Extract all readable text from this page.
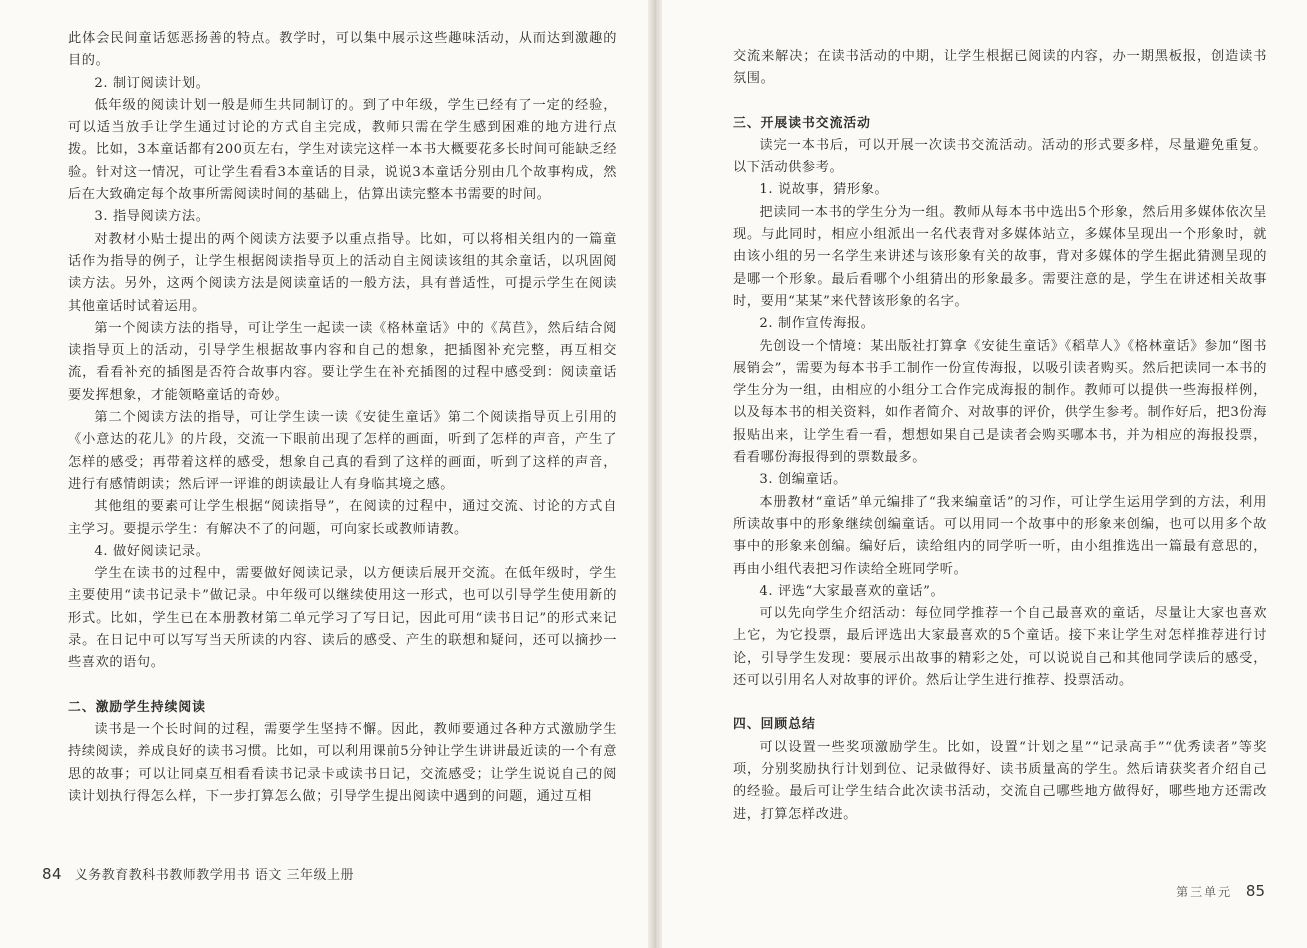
此体会民间童话惩恶扬善的特点。教学时，可以集中展示这些趣味活动，从而达到激趣的目的。

2. 制订阅读计划。

低年级的阅读计划一般是师生共同制订的。到了中年级，学生已经有了一定的经验，可以适当放手让学生通过讨论的方式自主完成，教师只需在学生感到困难的地方进行点拨。比如，3本童话都有200页左右，学生对读完这样一本书大概要花多长时间可能缺乏经验。针对这一情况，可让学生看看3本童话的目录，说说3本童话分别由几个故事构成，然后在大致确定每个故事所需阅读时间的基础上，估算出读完整本书需要的时间。

3. 指导阅读方法。

对教材小贴士提出的两个阅读方法要予以重点指导。比如，可以将相关组内的一篇童话作为指导的例子，让学生根据阅读指导页上的活动自主阅读该组的其余童话，以巩固阅读方法。另外，这两个阅读方法是阅读童话的一般方法，具有普适性，可提示学生在阅读其他童话时试着运用。

第一个阅读方法的指导，可让学生一起读一读《格林童话》中的《莴苣》，然后结合阅读指导页上的活动，引导学生根据故事内容和自己的想象，把插图补充完整，再互相交流，看看补充的插图是否符合故事内容。要让学生在补充插图的过程中感受到：阅读童话要发挥想象，才能领略童话的奇妙。

第二个阅读方法的指导，可让学生读一读《安徒生童话》第二个阅读指导页上引用的《小意达的花儿》的片段，交流一下眼前出现了怎样的画面，听到了怎样的声音，产生了怎样的感受；再带着这样的感受，想象自己真的看到了这样的画面，听到了这样的声音，进行有感情朗读；然后评一评谁的朗读最让人有身临其境之感。

其他组的要素可让学生根据“阅读指导”，在阅读的过程中，通过交流、讨论的方式自主学习。要提示学生：有解决不了的问题，可向家长或教师请教。

4. 做好阅读记录。

学生在读书的过程中，需要做好阅读记录，以方便读后展开交流。在低年级时，学生主要使用“读书记录卡”做记录。中年级可以继续使用这一形式，也可以引导学生使用新的形式。比如，学生已在本册教材第二单元学习了写日记，因此可用“读书日记”的形式来记录。在日记中可以写写当天所读的内容、读后的感受、产生的联想和疑问，还可以摘抄一些喜欢的语句。

二、激励学生持续阅读

读书是一个长时间的过程，需要学生坚持不懈。因此，教师要通过各种方式激励学生持续阅读，养成良好的读书习惯。比如，可以利用课前5分钟让学生讲讲最近读的一个有意思的故事；可以让同桌互相看看读书记录卡或读书日记，交流感受；让学生说说自己的阅读计划执行得怎么样，下一步打算怎么做；引导学生提出阅读中遇到的问题，通过互相

84 义务教育教科书教师教学用书 语文 三年级上册

交流来解决；在读书活动的中期，让学生根据已阅读的内容，办一期黑板报，创造读书氛围。

三、开展读书交流活动

读完一本书后，可以开展一次读书交流活动。活动的形式要多样，尽量避免重复。以下活动供参考。

1. 说故事，猜形象。

把读同一本书的学生分为一组。教师从每本书中选出5个形象，然后用多媒体依次呈现。与此同时，相应小组派出一名代表背对多媒体站立，多媒体呈现出一个形象时，就由该小组的另一名学生来讲述与该形象有关的故事，背对多媒体的学生据此猜测呈现的是哪一个形象。最后看哪个小组猜出的形象最多。需要注意的是，学生在讲述相关故事时，要用“某某”来代替该形象的名字。

2. 制作宣传海报。

先创设一个情境：某出版社打算拿《安徒生童话》《稻草人》《格林童话》参加“图书展销会”，需要为每本书手工制作一份宣传海报，以吸引读者购买。然后把读同一本书的学生分为一组，由相应的小组分工合作完成海报的制作。教师可以提供一些海报样例，以及每本书的相关资料，如作者简介、对故事的评价，供学生参考。制作好后，把3份海报贴出来，让学生看一看，想想如果自己是读者会购买哪本书，并为相应的海报投票，看看哪份海报得到的票数最多。

3. 创编童话。

本册教材“童话”单元编排了“我来编童话”的习作，可让学生运用学到的方法，利用所读故事中的形象继续创编童话。可以用同一个故事中的形象来创编，也可以用多个故事中的形象来创编。编好后，读给组内的同学听一听，由小组推选出一篇最有意思的，再由小组代表把习作读给全班同学听。

4. 评选“大家最喜欢的童话”。

可以先向学生介绍活动：每位同学推荐一个自己最喜欢的童话，尽量让大家也喜欢上它，为它投票，最后评选出大家最喜欢的5个童话。接下来让学生对怎样推荐进行讨论，引导学生发现：要展示出故事的精彩之处，可以说说自己和其他同学读后的感受，还可以引用名人对故事的评价。然后让学生进行推荐、投票活动。

四、回顾总结

可以设置一些奖项激励学生。比如，设置“计划之星”“记录高手”“优秀读者”等奖项，分别奖励执行计划到位、记录做得好、读书质量高的学生。然后请获奖者介绍自己的经验。最后可让学生结合此次读书活动，交流自己哪些地方做得好，哪些地方还需改进，打算怎样改进。

第三单元 85
